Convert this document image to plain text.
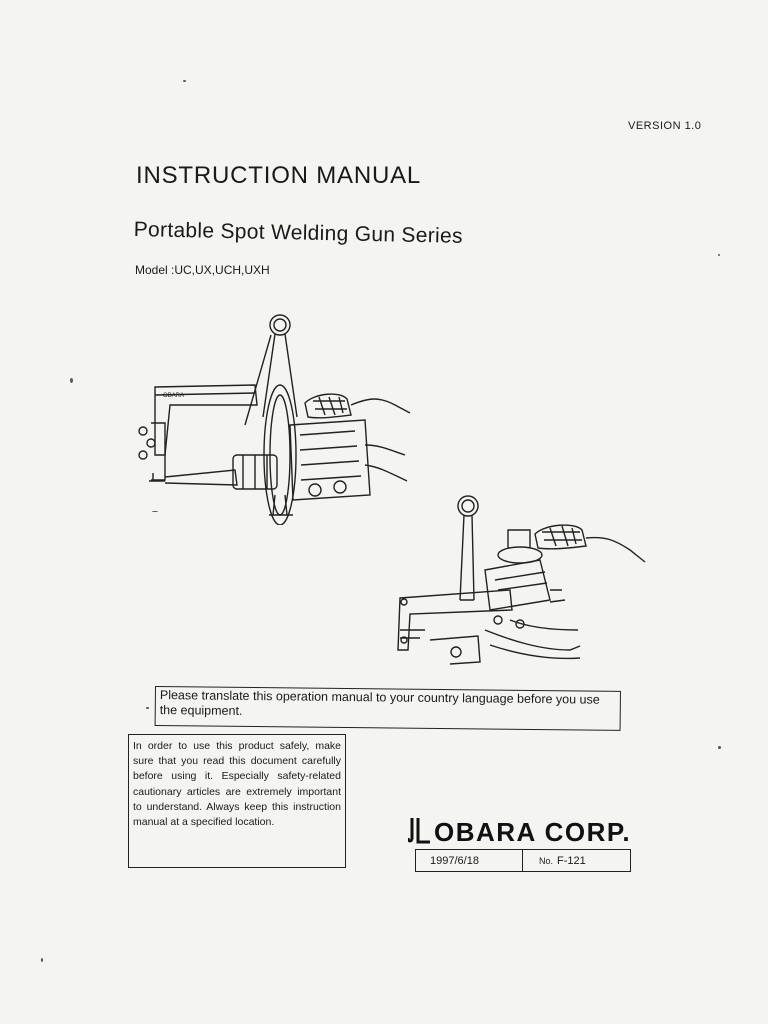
VERSION 1.0
INSTRUCTION MANUAL
Portable Spot Welding Gun Series
Model :UC,UX,UCH,UXH
OBARA
Please translate this operation manual to your country language before you use the equipment.
In order to use this product safely, make sure that you read this document carefully before using it. Especially safety-related cautionary articles are extremely important to understand. Always keep this instruction manual at a specified location.	OBARA CORP.
1997/6/18	No. F-121
